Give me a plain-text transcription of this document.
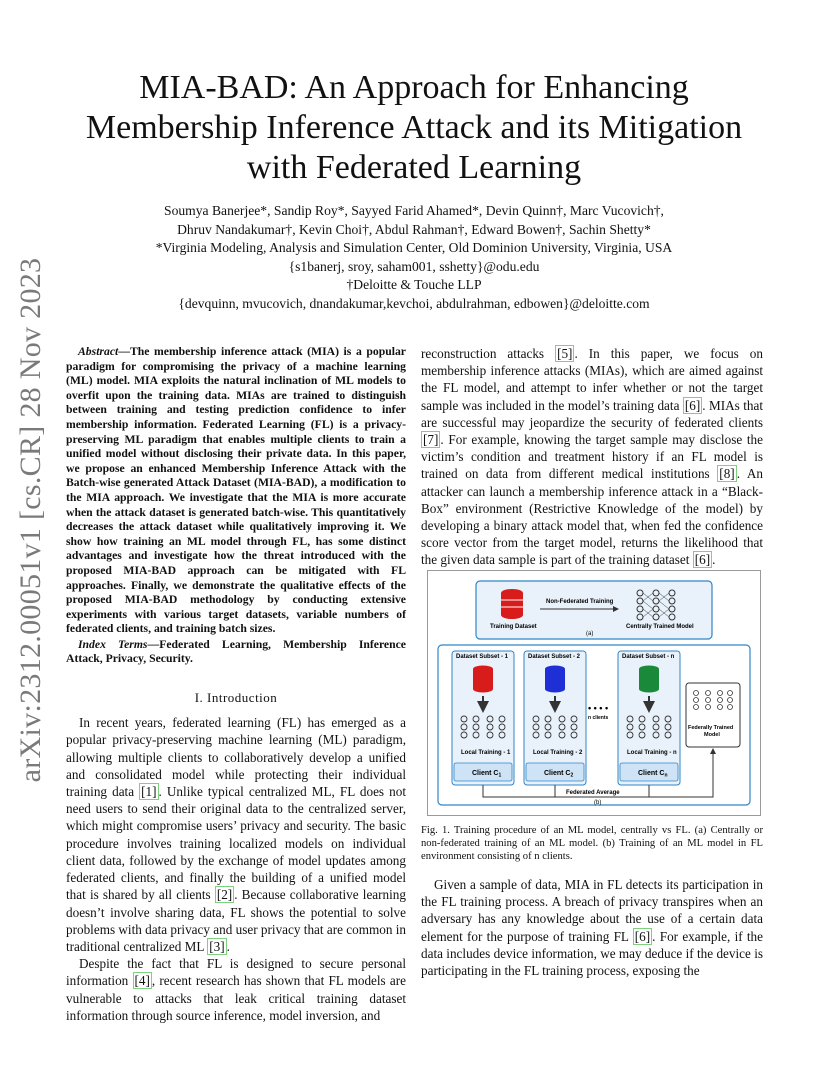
arXiv:2312.00051v1 [cs.CR] 28 Nov 2023
MIA-BAD: An Approach for Enhancing Membership Inference Attack and its Mitigation with Federated Learning
Soumya Banerjee*, Sandip Roy*, Sayyed Farid Ahamed*, Devin Quinn†, Marc Vucovich†,
Dhruv Nandakumar†, Kevin Choi†, Abdul Rahman†, Edward Bowen†, Sachin Shetty*
*Virginia Modeling, Analysis and Simulation Center, Old Dominion University, Virginia, USA
{s1banerj, sroy, saham001, sshetty}@odu.edu
†Deloitte & Touche LLP
{devquinn, mvucovich, dnandakumar,kevchoi, abdulrahman, edbowen}@deloitte.com
Abstract—The membership inference attack (MIA) is a popular paradigm for compromising the privacy of a machine learning (ML) model. MIA exploits the natural inclination of ML models to overfit upon the training data. MIAs are trained to distinguish between training and testing prediction confidence to infer membership information. Federated Learning (FL) is a privacy-preserving ML paradigm that enables multiple clients to train a unified model without disclosing their private data. In this paper, we propose an enhanced Membership Inference Attack with the Batch-wise generated Attack Dataset (MIA-BAD), a modification to the MIA approach. We investigate that the MIA is more accurate when the attack dataset is generated batch-wise. This quantitatively decreases the attack dataset while qualitatively improving it. We show how training an ML model through FL, has some distinct advantages and investigate how the threat introduced with the proposed MIA-BAD approach can be mitigated with FL approaches. Finally, we demonstrate the qualitative effects of the proposed MIA-BAD methodology by conducting extensive experiments with various target datasets, variable numbers of federated clients, and training batch sizes.
Index Terms—Federated Learning, Membership Inference Attack, Privacy, Security.
I. Introduction

In recent years, federated learning (FL) has emerged as a popular privacy-preserving machine learning (ML) paradigm, allowing multiple clients to collaboratively develop a unified and consolidated model while protecting their individual training data [1] . Unlike typical centralized ML, FL does not need users to send their original data to the centralized server, which might compromise users’ privacy and security. The basic procedure involves training localized models on individual client data, followed by the exchange of model updates among federated clients, and finally the building of a unified model that is shared by all clients [2] . Because collaborative learning doesn’t involve sharing data, FL shows the potential to solve problems with data privacy and user privacy that are common in traditional centralized ML [3] .

Despite the fact that FL is designed to secure personal information [4] , recent research has shown that FL models are vulnerable to attacks that leak critical training dataset information through source inference, model inversion, and

reconstruction attacks [5] . In this paper, we focus on membership inference attacks (MIAs), which are aimed against the FL model, and attempt to infer whether or not the target sample was included in the model’s training data [6] . MIAs that are successful may jeopardize the security of federated clients [7] . For example, knowing the target sample may disclose the victim’s condition and treatment history if an FL model is trained on data from different medical institutions [8] . An attacker can launch a membership inference attack in a “Black-Box” environment (Restrictive Knowledge of the model) by developing a binary attack model that, when fed the confidence score vector from the target model, returns the likelihood that the given data sample is part of the training dataset [6] .

Training Dataset
Non-Federated Training
Centrally Trained Model
(a)
Dataset Subset - 1
Local Training - 1
Client $C_1$
Dataset Subset - 2
Local Training - 2
Client $C_2$
• • • •
n clients
Dataset Subset - n
Local Training - n
Client $C_n$
Federally Trained
Model
Federated Average
(b)
Fig. 1. Training procedure of an ML model, centrally vs FL. (a) Centrally or non-federated training of an ML model. (b) Training of an ML model in FL environment consisting of n clients.

Given a sample of data, MIA in FL detects its participation in the FL training process. A breach of privacy transpires when an adversary has any knowledge about the use of a certain data element for the purpose of training FL [6] . For example, if the data includes device information, we may deduce if the device is participating in the FL training process, exposing the
